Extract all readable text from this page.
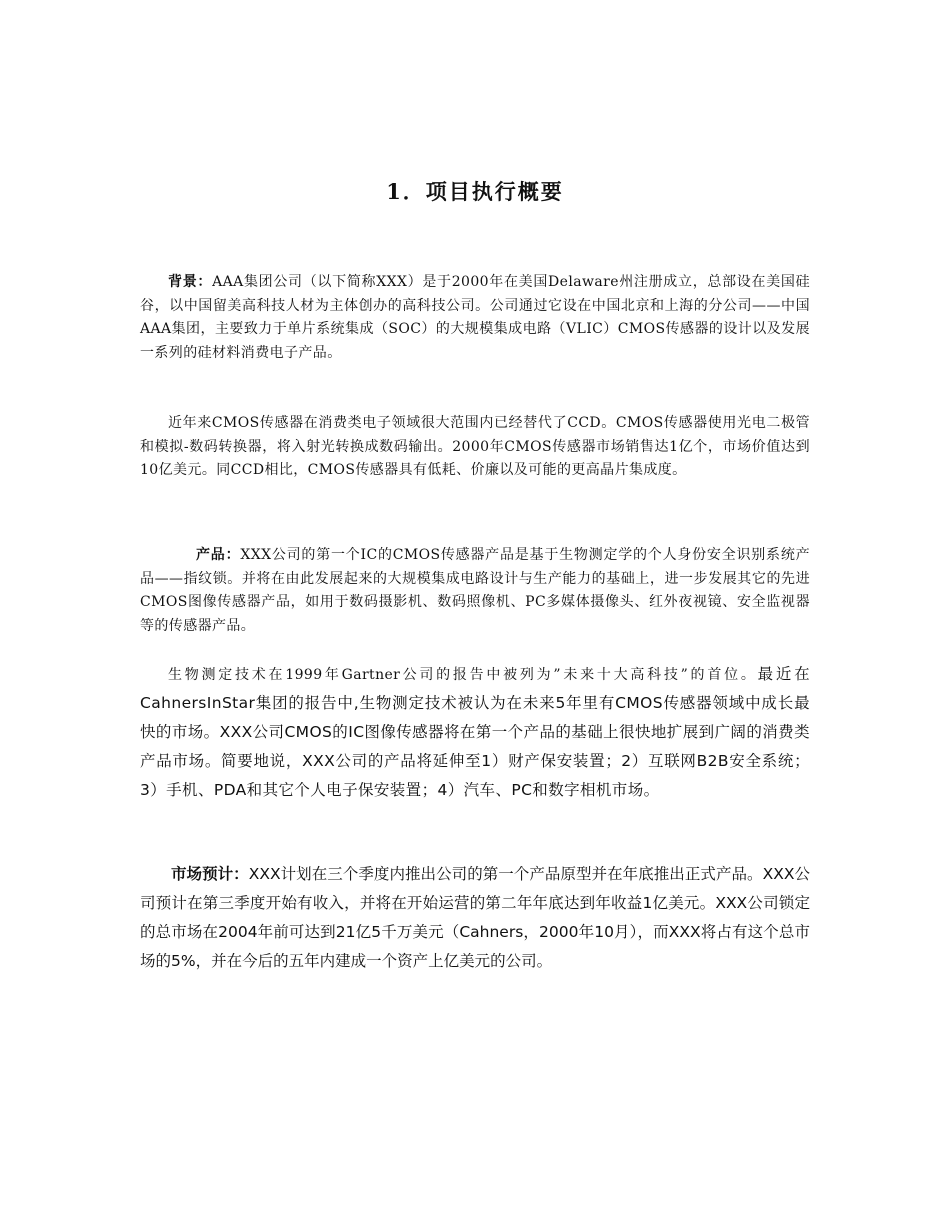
1．项目执行概要

背景：AAA集团公司（以下简称XXX）是于2000年在美国Delaware州注册成立，总部设在美国硅谷，以中国留美高科技人材为主体创办的高科技公司。公司通过它设在中国北京和上海的分公司——中国AAA集团，主要致力于单片系统集成（SOC）的大规模集成电路（VLIC）CMOS传感器的设计以及发展一系列的硅材料消费电子产品。

近年来CMOS传感器在消费类电子领域很大范围内已经替代了CCD。CMOS传感器使用光电二极管和模拟-数码转换器，将入射光转换成数码输出。2000年CMOS传感器市场销售达1亿个，市场价值达到10亿美元。同CCD相比，CMOS传感器具有低耗、价廉以及可能的更高晶片集成度。

产品：XXX公司的第一个IC的CMOS传感器产品是基于生物测定学的个人身份安全识别系统产品——指纹锁。并将在由此发展起来的大规模集成电路设计与生产能力的基础上，进一步发展其它的先进CMOS图像传感器产品，如用于数码摄影机、数码照像机、PC多媒体摄像头、红外夜视镜、安全监视器等的传感器产品。

生物测定技术在1999年Gartner公司的报告中被列为”未来十大高科技”的首位。最近在CahnersInStar集团的报告中,生物测定技术被认为在未来5年里有CMOS传感器领域中成长最快的市场。XXX公司CMOS的IC图像传感器将在第一个产品的基础上很快地扩展到广阔的消费类产品市场。简要地说，XXX公司的产品将延伸至1）财产保安装置；2）互联网B2B安全系统；3）手机、PDA和其它个人电子保安装置；4）汽车、PC和数字相机市场。

市场预计：XXX计划在三个季度内推出公司的第一个产品原型并在年底推出正式产品。XXX公司预计在第三季度开始有收入，并将在开始运营的第二年年底达到年收益1亿美元。XXX公司锁定的总市场在2004年前可达到21亿5千万美元（Cahners，2000年10月），而XXX将占有这个总市场的5%，并在今后的五年内建成一个资产上亿美元的公司。
